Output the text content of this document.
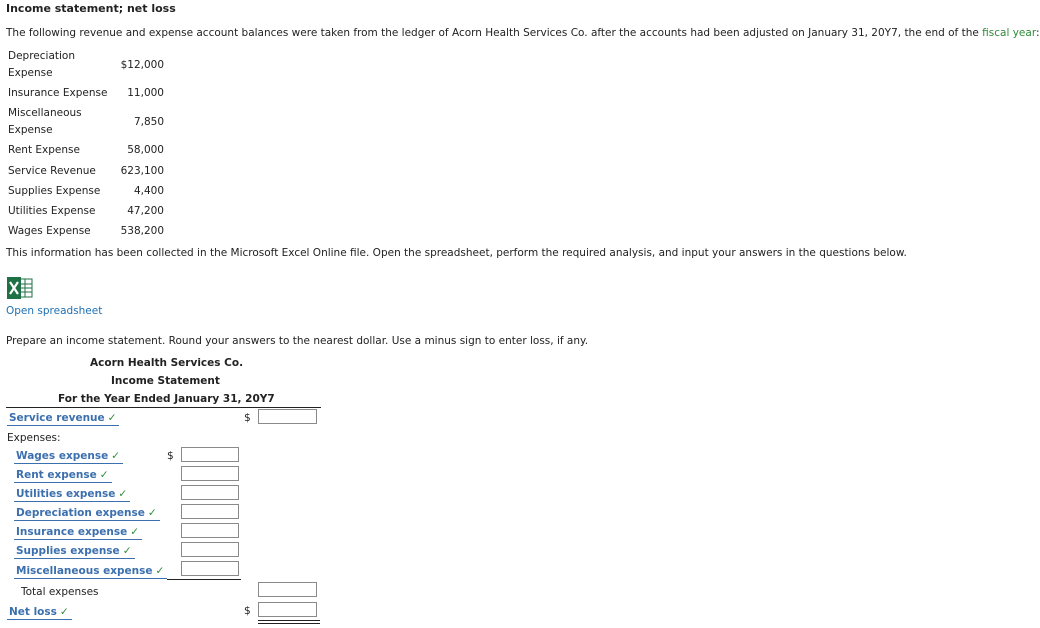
Income statement; net loss
The following revenue and expense account balances were taken from the ledger of Acorn Health Services Co. after the accounts had been adjusted on January 31, 20Y7, the end of the fiscal year:
Depreciation
Expense
$12,000
Insurance Expense	11,000
Miscellaneous
Expense
7,850
Rent Expense	58,000
Service Revenue	623,100
Supplies Expense	4,400
Utilities Expense	47,200
Wages Expense	538,200
This information has been collected in the Microsoft Excel Online file. Open the spreadsheet, perform the required analysis, and input your answers in the questions below.
Open spreadsheet
Prepare an income statement. Round your answers to the nearest dollar. Use a minus sign to enter loss, if any.
Acorn Health Services Co.
Income Statement
For the Year Ended January 31, 20Y7
Service revenue ✓	$
Expenses:
Wages expense ✓	$
Rent expense ✓
Utilities expense ✓
Depreciation expense ✓
Insurance expense ✓
Supplies expense ✓
Miscellaneous expense ✓
Total expenses
Net loss ✓	$
